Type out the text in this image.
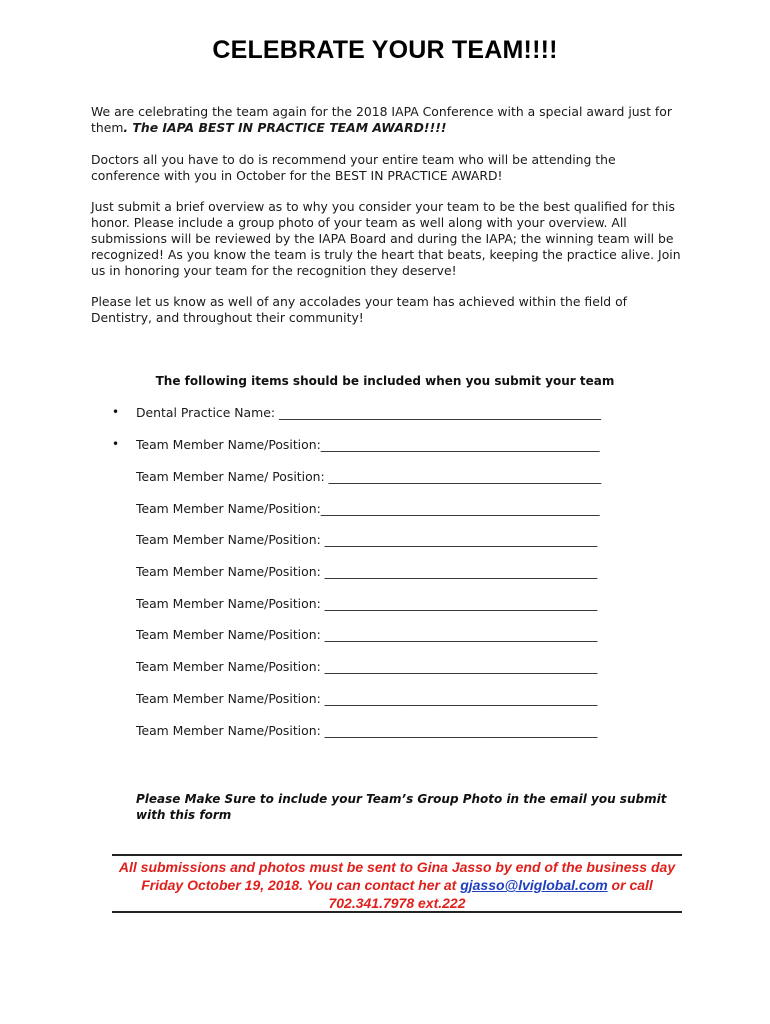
CELEBRATE YOUR TEAM!!!!

We are celebrating the team again for the 2018 IAPA Conference with a special award just for them. The IAPA BEST IN PRACTICE TEAM AWARD!!!!

Doctors all you have to do is recommend your entire team who will be attending the conference with you in October for the BEST IN PRACTICE AWARD!

Just submit a brief overview as to why you consider your team to be the best qualified for this honor. Please include a group photo of your team as well along with your overview. All submissions will be reviewed by the IAPA Board and during the IAPA; the winning team will be recognized! As you know the team is truly the heart that beats, keeping the practice alive. Join us in honoring your team for the recognition they deserve!

Please let us know as well of any accolades your team has achieved within the field of Dentistry, and throughout their community!

The following items should be included when you submit your team
• Dental Practice Name: ____________________________________________________
• Team Member Name/Position:_____________________________________________
Team Member Name/ Position: ____________________________________________
Team Member Name/Position:_____________________________________________
Team Member Name/Position: ____________________________________________
Team Member Name/Position: ____________________________________________
Team Member Name/Position: ____________________________________________
Team Member Name/Position: ____________________________________________
Team Member Name/Position: ____________________________________________
Team Member Name/Position: ____________________________________________
Team Member Name/Position: ____________________________________________
Please Make Sure to include your Team’s Group Photo in the email you submit with this form
All submissions and photos must be sent to Gina Jasso by end of the business day
Friday October 19, 2018. You can contact her at gjasso@lviglobal.com or call
702.341.7978 ext.222
